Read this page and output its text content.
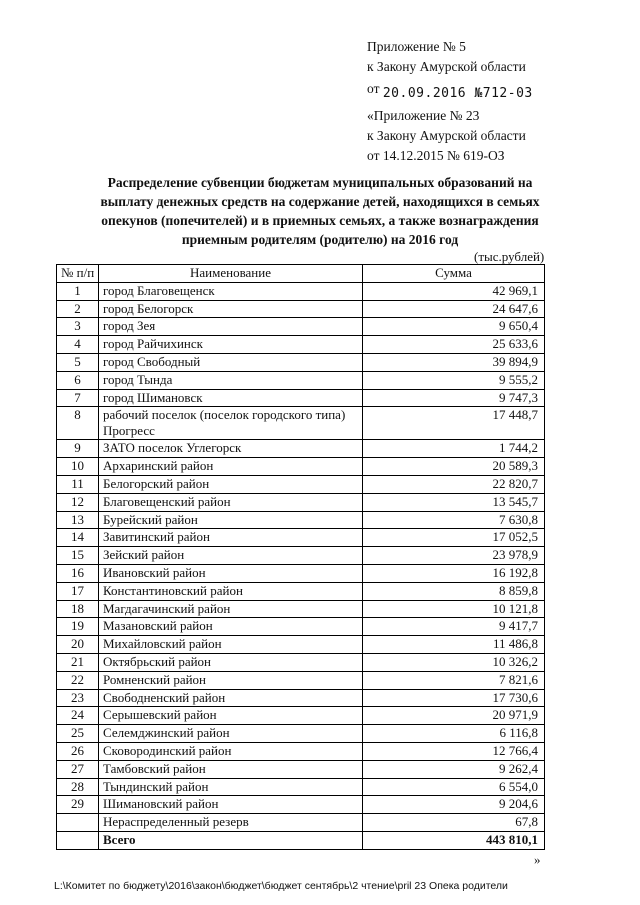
Приложение № 5
к Закону Амурской области
от 20.09.2016 №712-03
«Приложение № 23
к Закону Амурской области
от 14.12.2015 № 619-ОЗ
Распределение субвенции бюджетам муниципальных образований на
выплату денежных средств на содержание детей, находящихся в семьях
опекунов (попечителей) и в приемных семьях, а также вознаграждения
приемным родителям (родителю) на 2016 год
(тыс.рублей)
№ п/п	Наименование	Сумма
1	город Благовещенск	42 969,1
2	город Белогорск	24 647,6
3	город Зея	9 650,4
4	город Райчихинск	25 633,6
5	город Свободный	39 894,9
6	город Тында	9 555,2
7	город Шимановск	9 747,3
8	рабочий поселок (поселок городского типа) Прогресс	17 448,7
9	ЗАТО поселок Углегорск	1 744,2
10	Архаринский район	20 589,3
11	Белогорский район	22 820,7
12	Благовещенский район	13 545,7
13	Бурейский район	7 630,8
14	Завитинский район	17 052,5
15	Зейский район	23 978,9
16	Ивановский район	16 192,8
17	Константиновский район	8 859,8
18	Магдагачинский район	10 121,8
19	Мазановский район	9 417,7
20	Михайловский район	11 486,8
21	Октябрьский район	10 326,2
22	Ромненский район	7 821,6
23	Свободненский район	17 730,6
24	Серышевский район	20 971,9
25	Селемджинский район	6 116,8
26	Сковородинский район	12 766,4
27	Тамбовский район	9 262,4
28	Тындинский район	6 554,0
29	Шимановский район	9 204,6
	Нераспределенный резерв	67,8
	Всего	443 810,1
»
L:\Комитет по бюджету\2016\закон\бюджет\бюджет сентябрь\2 чтение\pril 23 Опека родители
